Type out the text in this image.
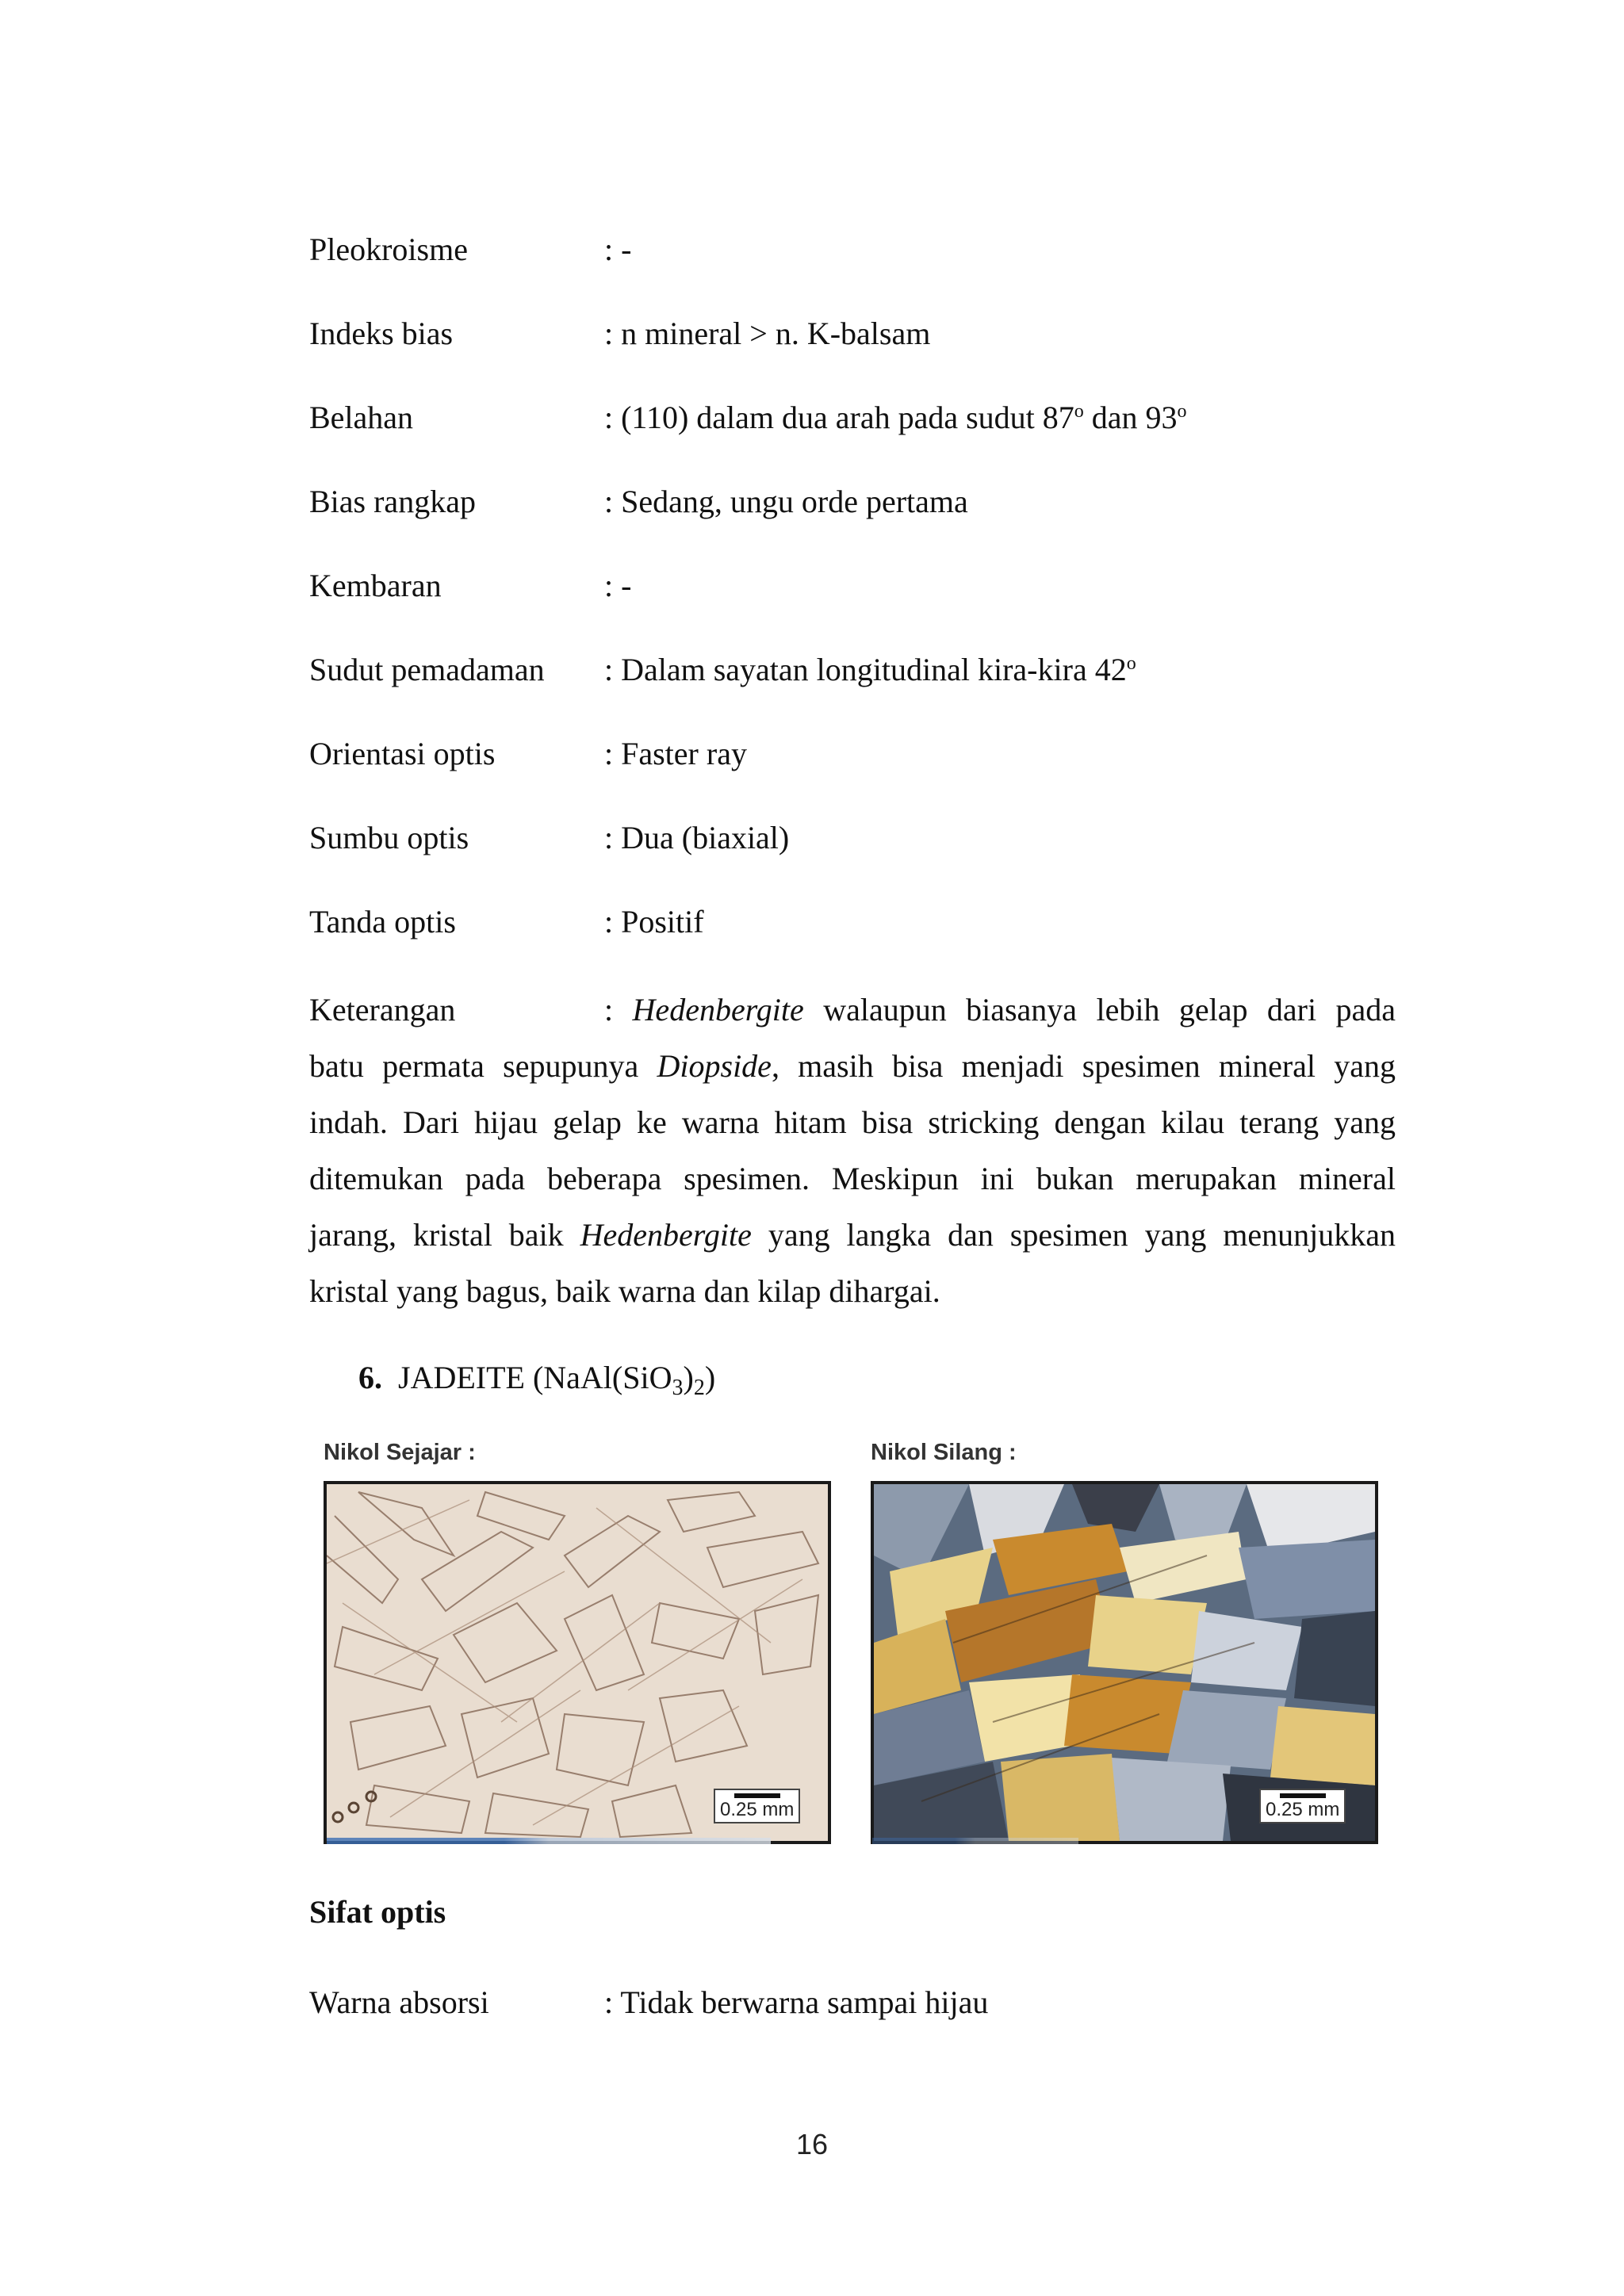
Pleokroisme	: -
Indeks bias	: n mineral > n. K-balsam
Belahan	: (110) dalam dua arah pada sudut 87$^o$ dan 93$^o$
Bias rangkap	: Sedang, ungu orde pertama
Kembaran	: -
Sudut pemadaman : Dalam sayatan longitudinal kira-kira 42$^o$
Orientasi optis	: Faster ray
Sumbu optis	: Dua (biaxial)
Tanda optis	: Positif
Keterangan	: Hedenbergite walaupun biasanya lebih gelap dari pada
batu permata sepupunya Diopside, masih bisa menjadi spesimen mineral yang
indah. Dari hijau gelap ke warna hitam bisa stricking dengan kilau terang yang
ditemukan pada beberapa spesimen. Meskipun ini bukan merupakan mineral
jarang, kristal baik Hedenbergite yang langka dan spesimen yang menunjukkan
kristal yang bagus, baik warna dan kilap dihargai.
6. JADEITE $(NaAl(SiO_3)_2)$
Nikol Sejajar :	Nikol Silang :
0.25 mm	0.25 mm
Sifat optis
Warna absorsi	: Tidak berwarna sampai hijau
16
